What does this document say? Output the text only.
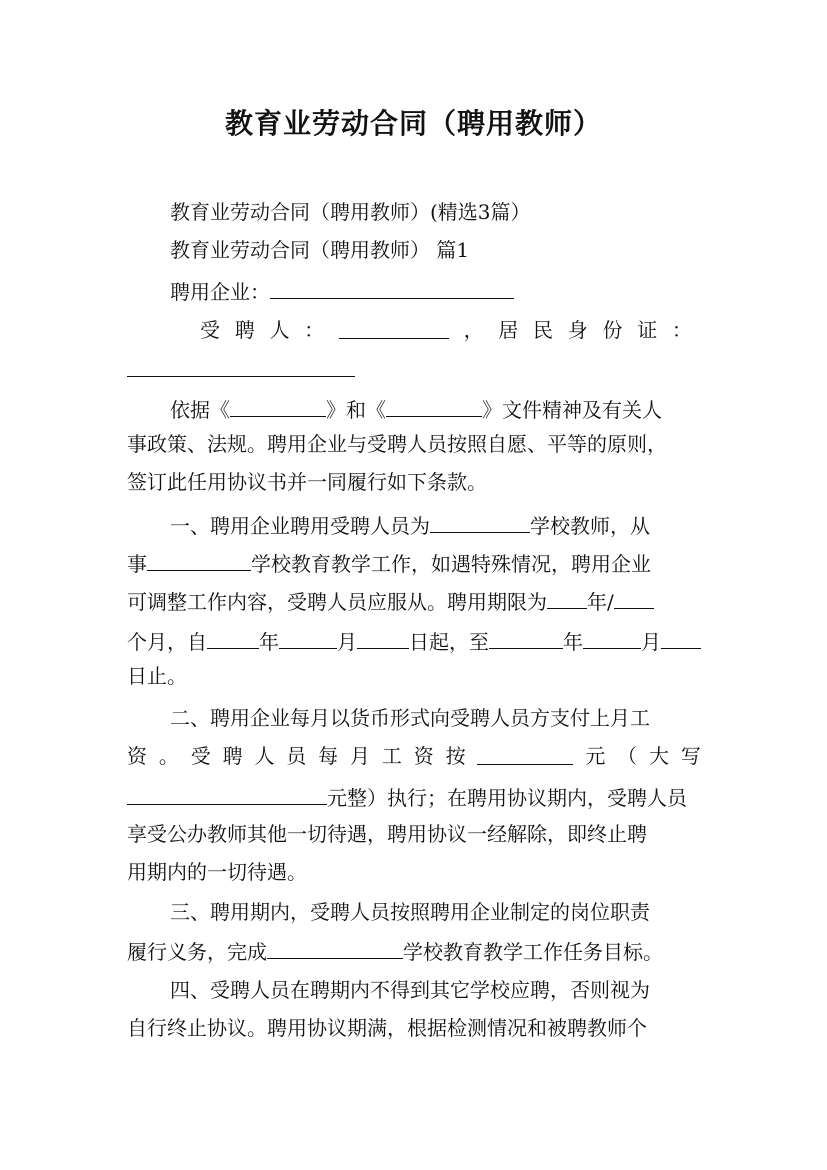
教育业劳动合同（聘用教师）
教育业劳动合同（聘用教师）(精选3篇）
教育业劳动合同（聘用教师） 篇1
聘用企业：
受 聘 人 ：	， 居 民 身 份 证 ：
依据《	》和《	》文件精神及有关人
事政策、法规。聘用企业与受聘人员按照自愿、平等的原则，
签订此任用协议书并一同履行如下条款。
一、聘用企业聘用受聘人员为	学校教师，从
事	学校教育教学工作，如遇特殊情况，聘用企业
可调整工作内容，受聘人员应服从。聘用期限为 年/
个月，自	年	月	日起，至	年	月
日止。
二、聘用企业每月以货币形式向受聘人员方支付上月工
资 。 受 聘 人 员 每 月 工 资 按	元 （ 大 写
元整）执行；在聘用协议期内，受聘人员
享受公办教师其他一切待遇，聘用协议一经解除，即终止聘
用期内的一切待遇。
三、聘用期内，受聘人员按照聘用企业制定的岗位职责
履行义务，完成	学校教育教学工作任务目标。
四、受聘人员在聘期内不得到其它学校应聘，否则视为
自行终止协议。聘用协议期满，根据检测情况和被聘教师个
